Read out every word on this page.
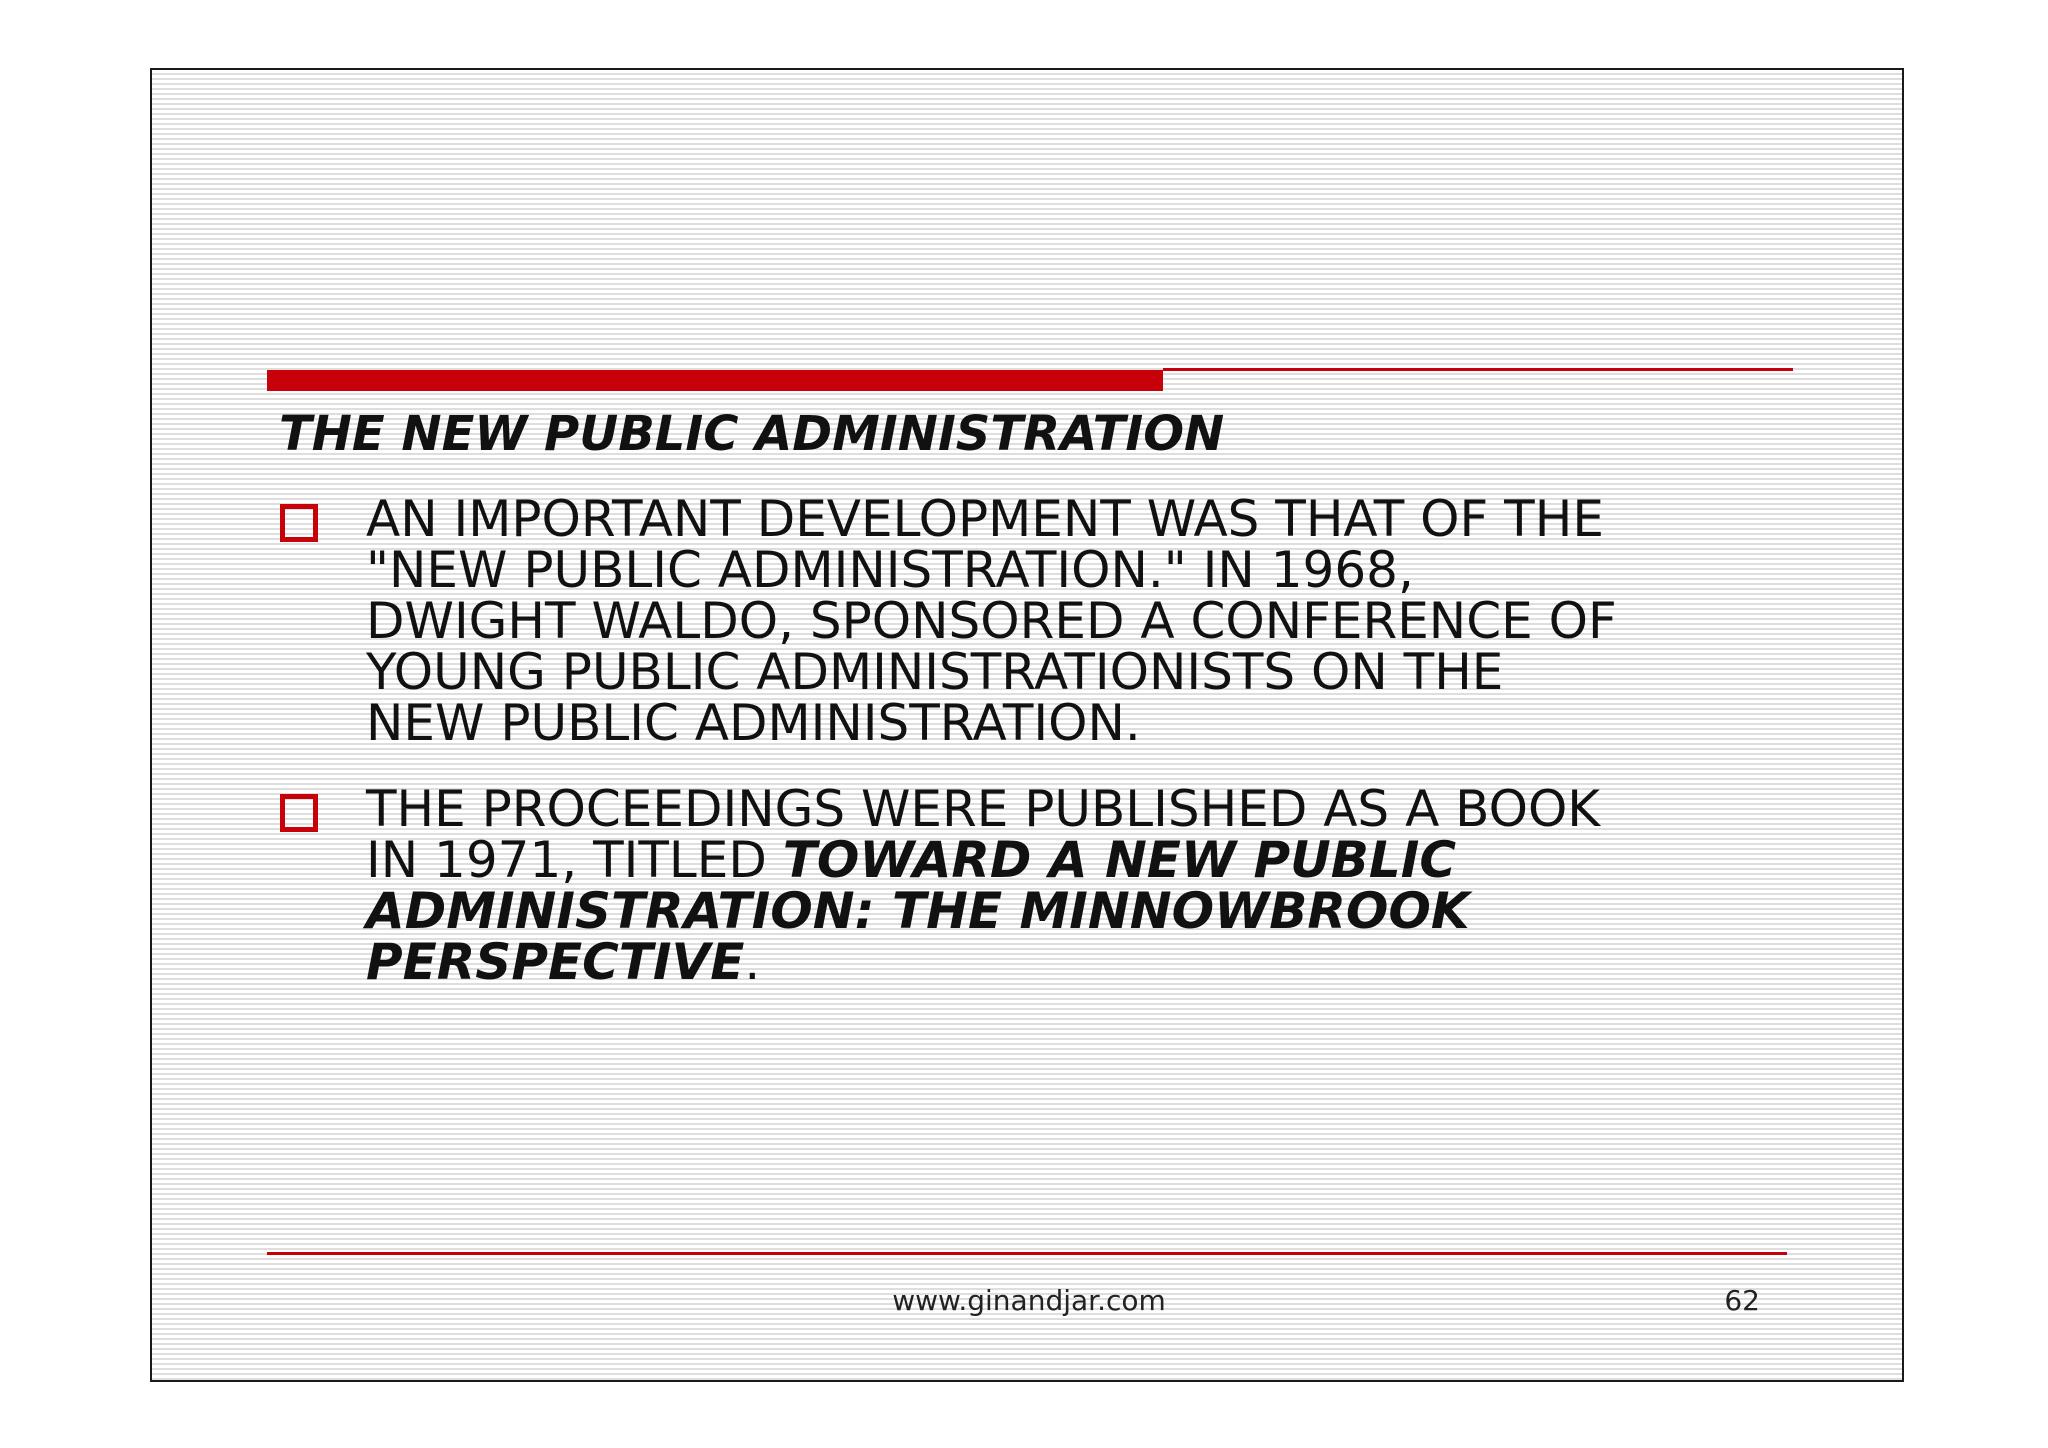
THE NEW PUBLIC ADMINISTRATION

AN IMPORTANT DEVELOPMENT WAS THAT OF THE
"NEW PUBLIC ADMINISTRATION." IN 1968,
DWIGHT WALDO, SPONSORED A CONFERENCE OF
YOUNG PUBLIC ADMINISTRATIONISTS ON THE
NEW PUBLIC ADMINISTRATION.

THE PROCEEDINGS WERE PUBLISHED AS A BOOK
IN 1971, TITLED TOWARD A NEW PUBLIC
ADMINISTRATION: THE MINNOWBROOK
PERSPECTIVE.

www.ginandjar.com	62
